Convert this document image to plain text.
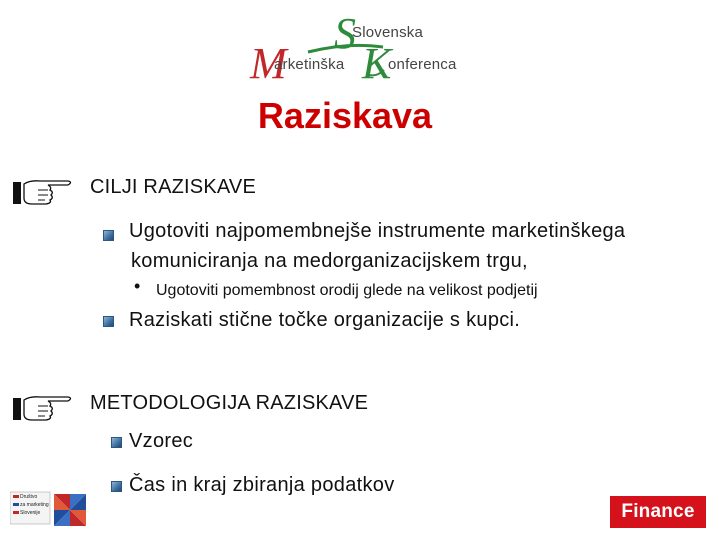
M
S
K
Slovenska
arketinška	onferenca
Raziskava
CILJI RAZISKAVE
Ugotoviti najpomembnejše instrumente marketinškega
komuniciranja na medorganizacijskem trgu,
• Ugotoviti pomembnost orodij glede na velikost podjetij
Raziskati stične točke organizacije s kupci.
METODOLOGIJA RAZISKAVE
Vzorec
Čas in kraj zbiranja podatkov
Društvo
za marketing
Slovenije	Finance
